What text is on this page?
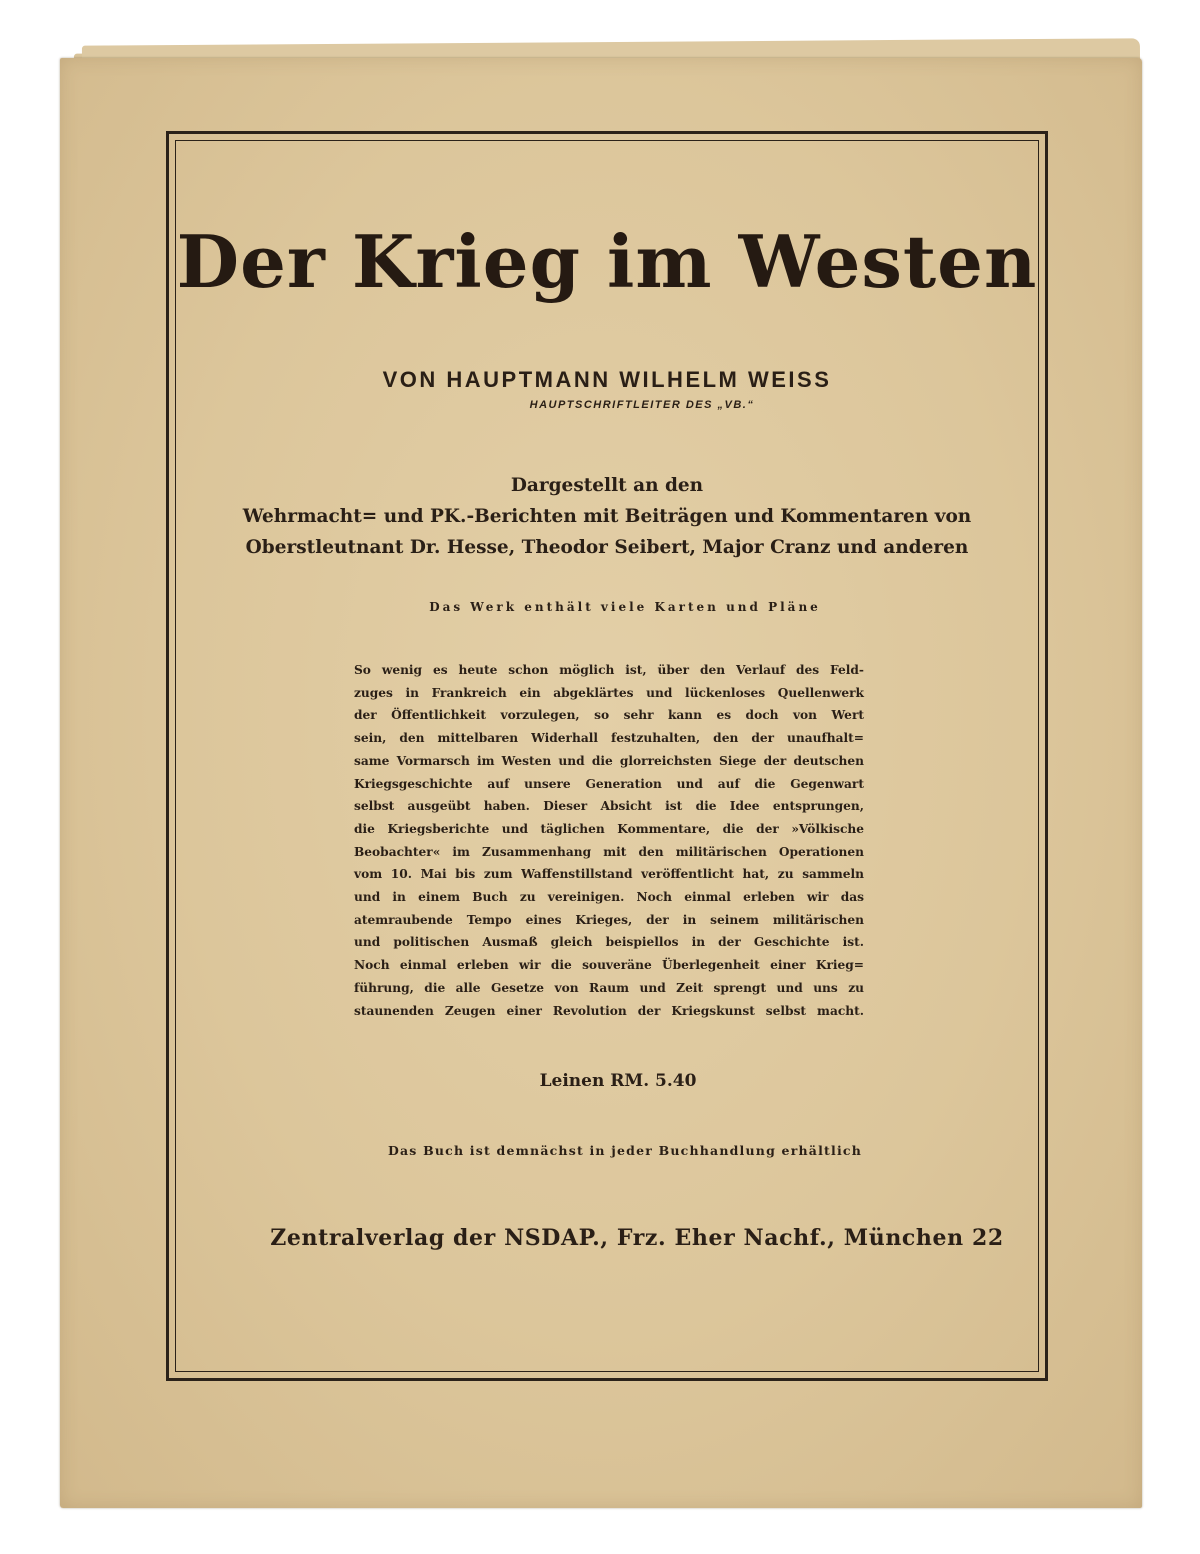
Der Krieg im Westen
VON HAUPTMANN WILHELM WEISS
HAUPTSCHRIFTLEITER DES „VB.“
Dargestellt an den
Wehrmacht= und PK.-Berichten mit Beiträgen und Kommentaren von
Oberstleutnant Dr. Hesse, Theodor Seibert, Major Cranz und anderen
Das Werk enthält viele Karten und Pläne
So wenig es heute schon möglich ist, über den Verlauf des Feld-
zuges in Frankreich ein abgeklärtes und lückenloses Quellenwerk
der Öffentlichkeit vorzulegen, so sehr kann es doch von Wert
sein, den mittelbaren Widerhall festzuhalten, den der unaufhalt=
same Vormarsch im Westen und die glorreichsten Siege der deutschen
Kriegsgeschichte auf unsere Generation und auf die Gegenwart
selbst ausgeübt haben. Dieser Absicht ist die Idee entsprungen,
die Kriegsberichte und täglichen Kommentare, die der »Völkische
Beobachter« im Zusammenhang mit den militärischen Operationen
vom 10. Mai bis zum Waffenstillstand veröffentlicht hat, zu sammeln
und in einem Buch zu vereinigen. Noch einmal erleben wir das
atemraubende Tempo eines Krieges, der in seinem militärischen
und politischen Ausmaß gleich beispiellos in der Geschichte ist.
Noch einmal erleben wir die souveräne Überlegenheit einer Krieg=
führung, die alle Gesetze von Raum und Zeit sprengt und uns zu
staunenden Zeugen einer Revolution der Kriegskunst selbst macht.
Leinen RM. 5.40
Das Buch ist demnächst in jeder Buchhandlung erhältlich
Zentralverlag der NSDAP., Frz. Eher Nachf., München 22
